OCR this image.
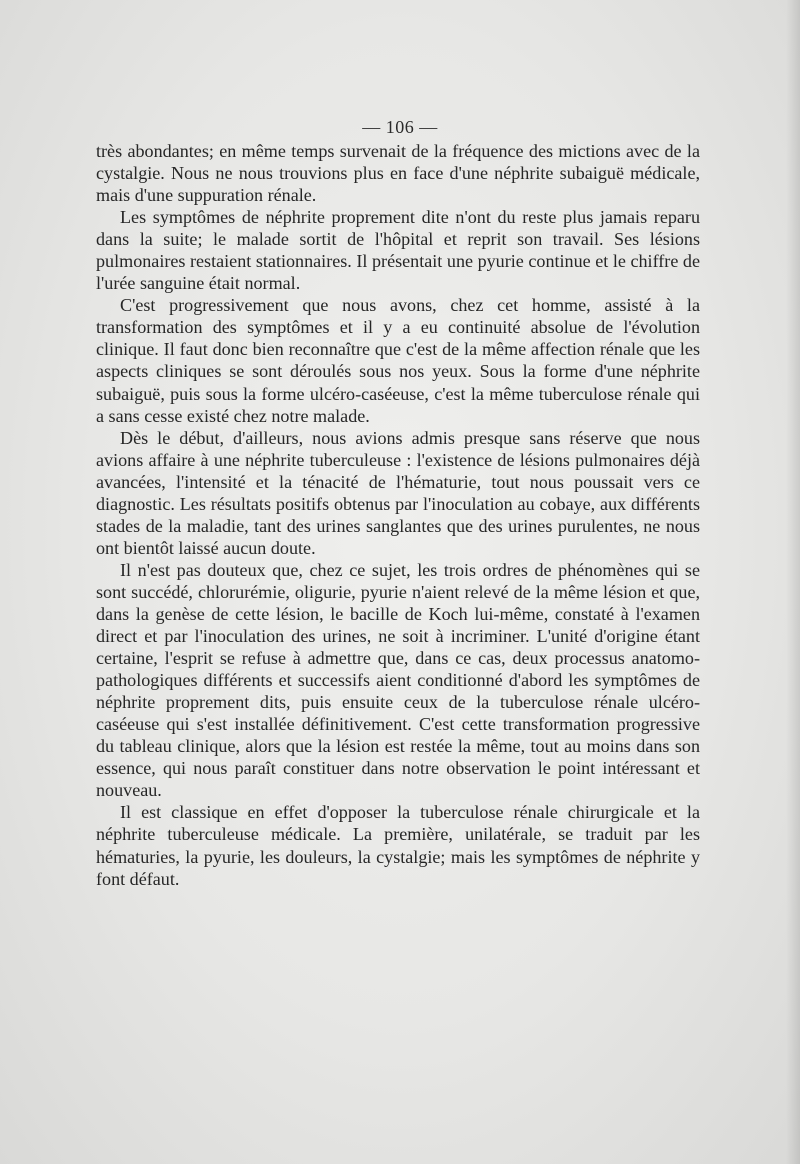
— 106 —

très abondantes; en même temps survenait de la fréquence des mictions avec de la cystalgie. Nous ne nous trouvions plus en face d'une néphrite subaiguë médicale, mais d'une suppuration rénale.

Les symptômes de néphrite proprement dite n'ont du reste plus jamais reparu dans la suite; le malade sortit de l'hôpital et reprit son travail. Ses lésions pulmonaires restaient stationnaires. Il présentait une pyurie continue et le chiffre de l'urée sanguine était normal.

C'est progressivement que nous avons, chez cet homme, assisté à la transformation des symptômes et il y a eu continuité absolue de l'évolution clinique. Il faut donc bien reconnaître que c'est de la même affection rénale que les aspects cliniques se sont déroulés sous nos yeux. Sous la forme d'une néphrite subaiguë, puis sous la forme ulcéro-caséeuse, c'est la même tuberculose rénale qui a sans cesse existé chez notre malade.

Dès le début, d'ailleurs, nous avions admis presque sans réserve que nous avions affaire à une néphrite tuberculeuse : l'existence de lésions pulmonaires déjà avancées, l'intensité et la ténacité de l'hématurie, tout nous poussait vers ce diagnostic. Les résultats positifs obtenus par l'inoculation au cobaye, aux différents stades de la maladie, tant des urines sanglantes que des urines purulentes, ne nous ont bientôt laissé aucun doute.

Il n'est pas douteux que, chez ce sujet, les trois ordres de phénomènes qui se sont succédé, chlorurémie, oligurie, pyurie n'aient relevé de la même lésion et que, dans la genèse de cette lésion, le bacille de Koch lui-même, constaté à l'examen direct et par l'inoculation des urines, ne soit à incriminer. L'unité d'origine étant certaine, l'esprit se refuse à admettre que, dans ce cas, deux processus anatomo-pathologiques différents et successifs aient conditionné d'abord les symptômes de néphrite proprement dits, puis ensuite ceux de la tuberculose rénale ulcéro-caséeuse qui s'est installée définitivement. C'est cette transformation progressive du tableau clinique, alors que la lésion est restée la même, tout au moins dans son essence, qui nous paraît constituer dans notre observation le point intéressant et nouveau.

Il est classique en effet d'opposer la tuberculose rénale chirurgicale et la néphrite tuberculeuse médicale. La première, unilatérale, se traduit par les hématuries, la pyurie, les douleurs, la cystalgie; mais les symptômes de néphrite y font défaut.
